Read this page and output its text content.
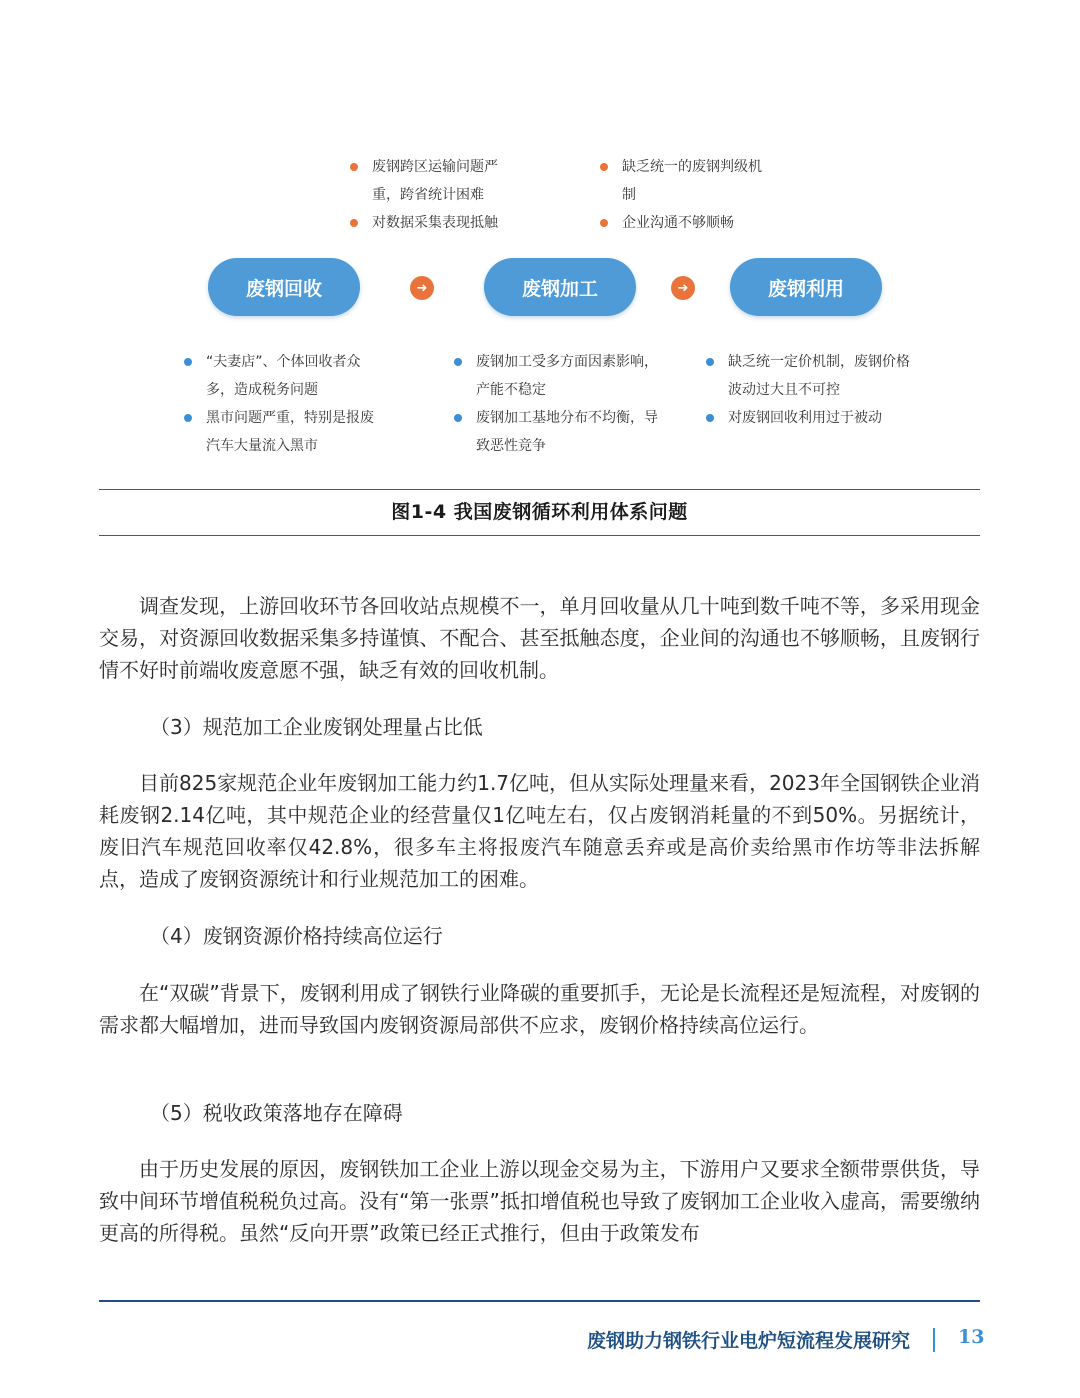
废钢跨区运输问题严重，跨省统计困难
对数据采集表现抵触
缺乏统一的废钢判级机制
企业沟通不够顺畅
废钢回收	➜	废钢加工	➜	废钢利用
“夫妻店”、个体回收者众多，造成税务问题
黑市问题严重，特别是报废汽车大量流入黑市
废钢加工受多方面因素影响，产能不稳定
废钢加工基地分布不均衡，导致恶性竞争
缺乏统一定价机制，废钢价格波动过大且不可控
对废钢回收利用过于被动
图1-4 我国废钢循环利用体系问题

调查发现，上游回收环节各回收站点规模不一，单月回收量从几十吨到数千吨不等，多采用现金交易，对资源回收数据采集多持谨慎、不配合、甚至抵触态度，企业间的沟通也不够顺畅，且废钢行情不好时前端收废意愿不强，缺乏有效的回收机制。

（3）规范加工企业废钢处理量占比低

目前825家规范企业年废钢加工能力约1.7亿吨，但从实际处理量来看，2023年全国钢铁企业消耗废钢2.14亿吨，其中规范企业的经营量仅1亿吨左右，仅占废钢消耗量的不到50%。另据统计，废旧汽车规范回收率仅42.8%，很多车主将报废汽车随意丢弃或是高价卖给黑市作坊等非法拆解点，造成了废钢资源统计和行业规范加工的困难。

（4）废钢资源价格持续高位运行

在“双碳”背景下，废钢利用成了钢铁行业降碳的重要抓手，无论是长流程还是短流程，对废钢的需求都大幅增加，进而导致国内废钢资源局部供不应求，废钢价格持续高位运行。

（5）税收政策落地存在障碍

由于历史发展的原因，废钢铁加工企业上游以现金交易为主，下游用户又要求全额带票供货，导致中间环节增值税税负过高。没有“第一张票”抵扣增值税也导致了废钢加工企业收入虚高，需要缴纳更高的所得税。虽然“反向开票”政策已经正式推行，但由于政策发布

废钢助力钢铁行业电炉短流程发展研究	13
